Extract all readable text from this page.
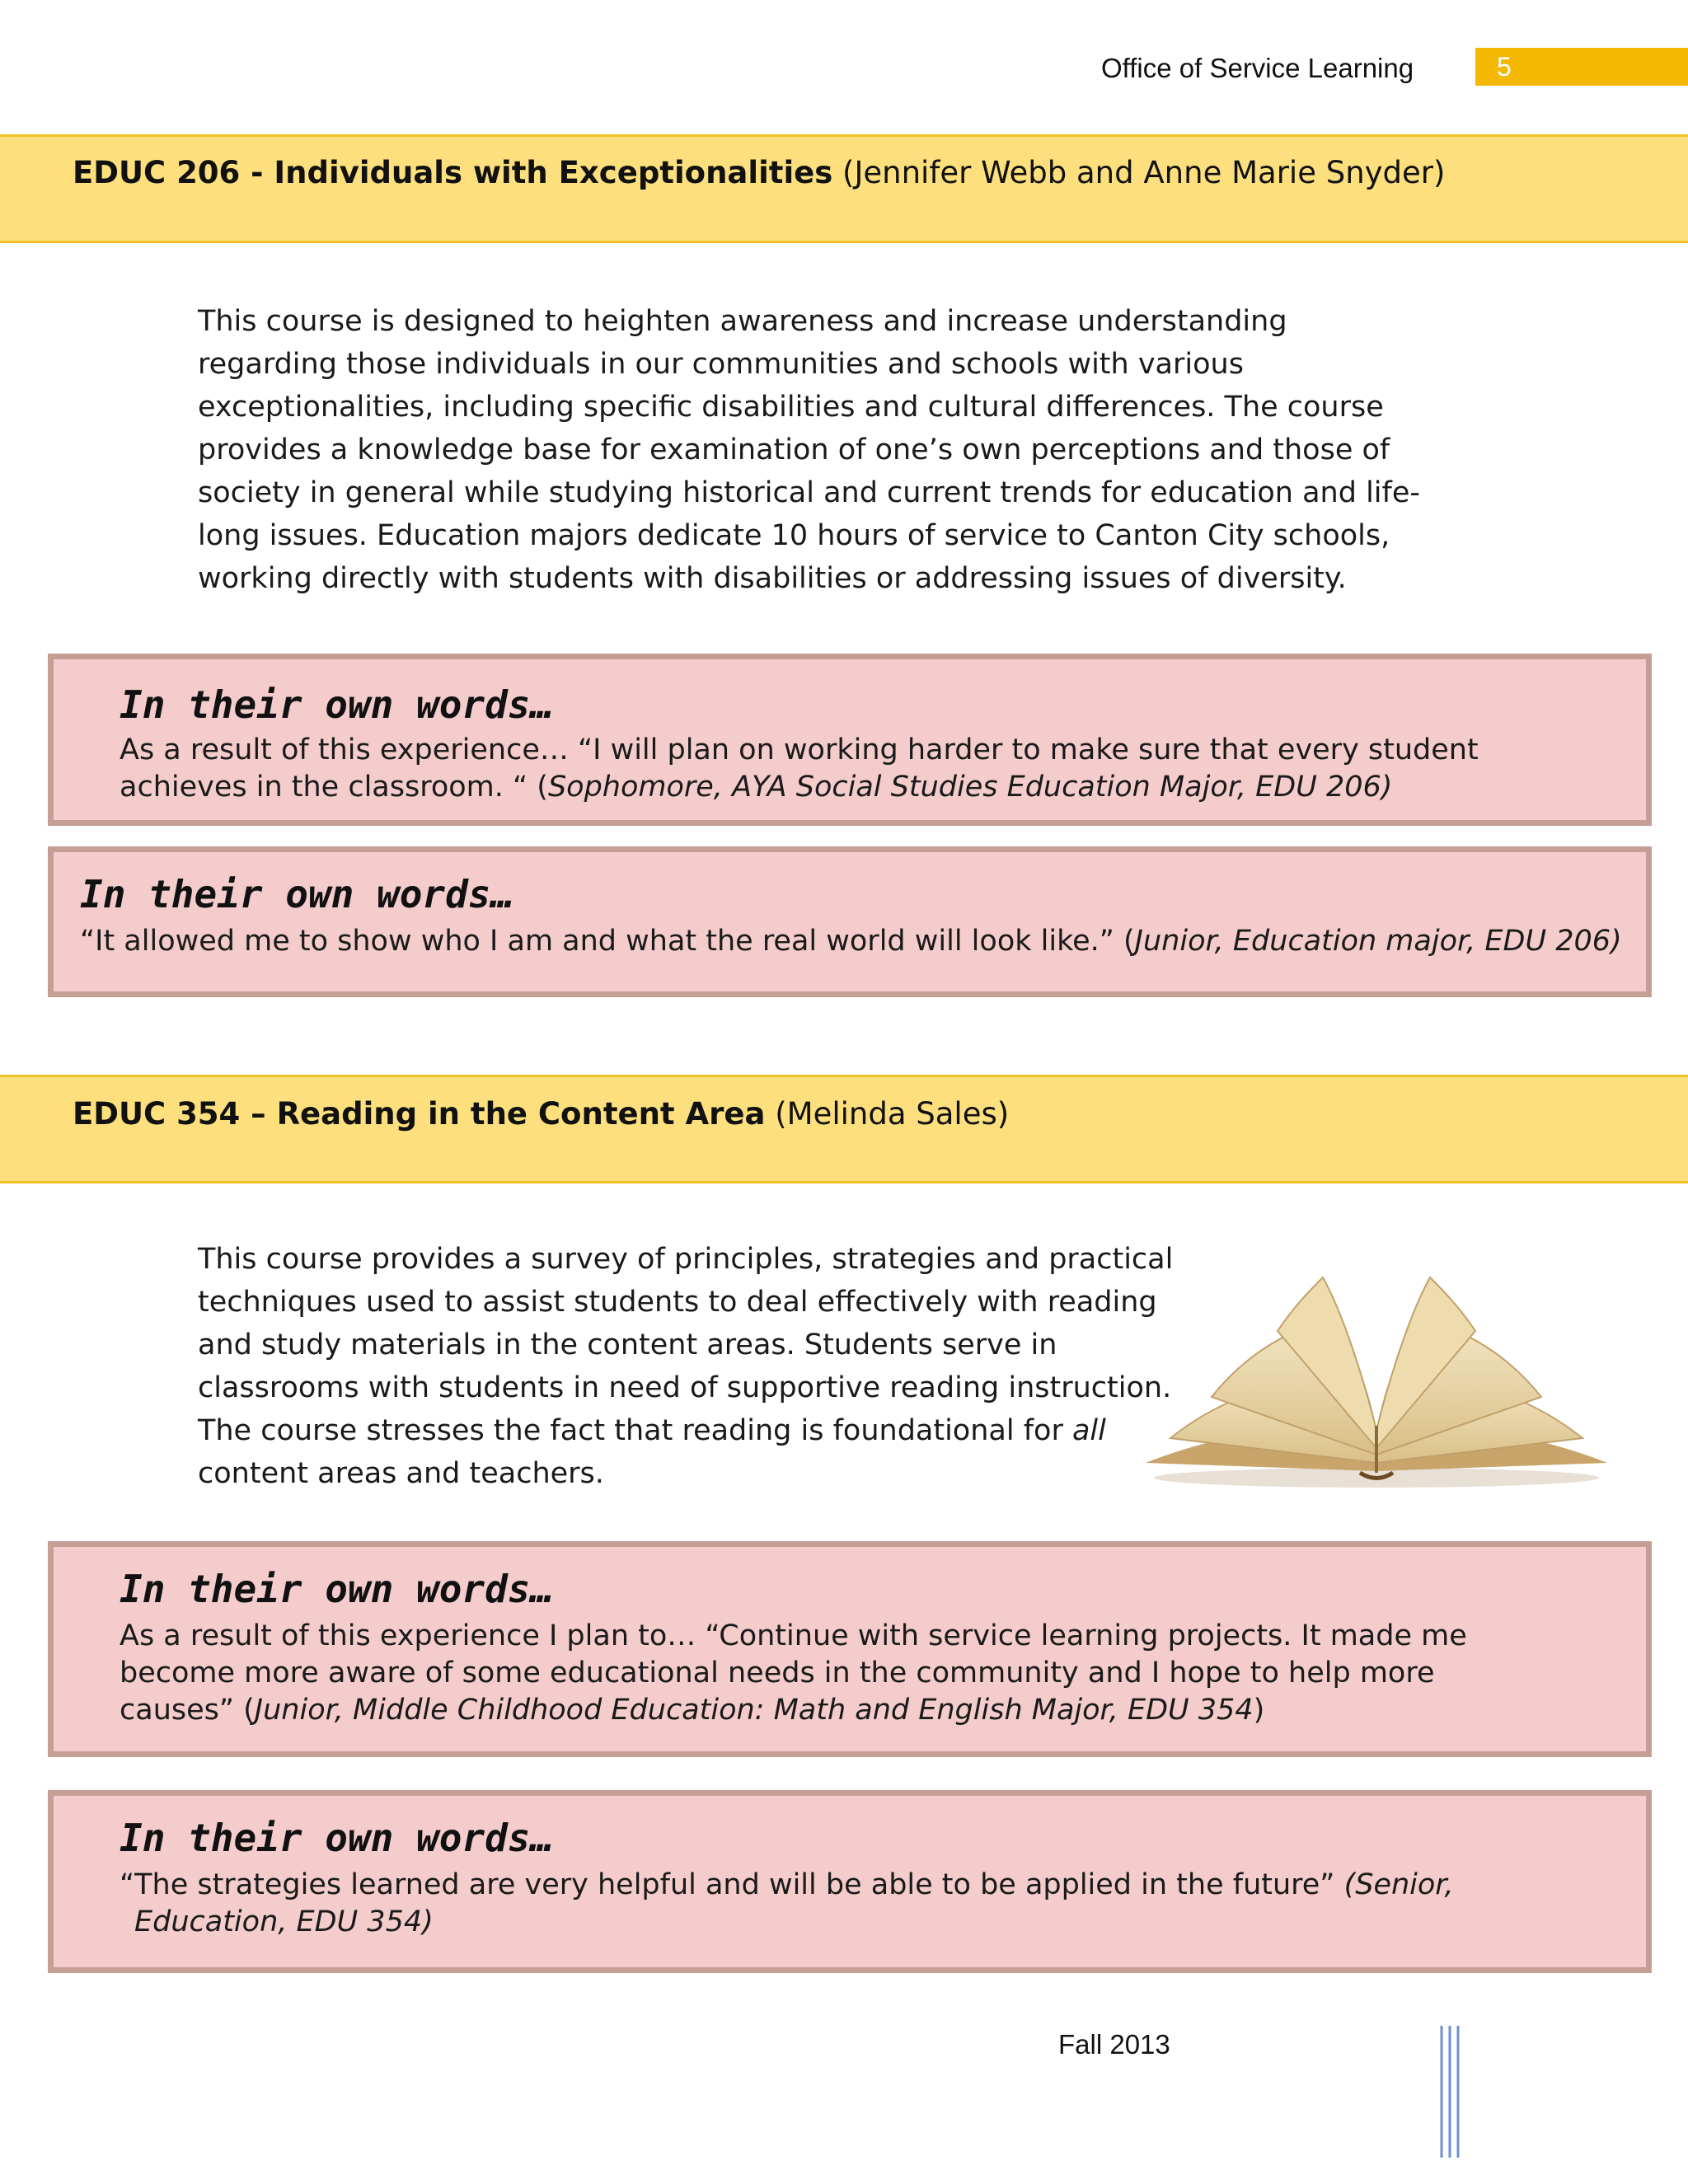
Office of Service Learning	5
EDUC 206 - Individuals with Exceptionalities (Jennifer Webb and Anne Marie Snyder)
This course is designed to heighten awareness and increase understanding
regarding those individuals in our communities and schools with various
exceptionalities, including specific disabilities and cultural differences. The course
provides a knowledge base for examination of one’s own perceptions and those of
society in general while studying historical and current trends for education and life-
long issues. Education majors dedicate 10 hours of service to Canton City schools,
working directly with students with disabilities or addressing issues of diversity.
In their own words…
As a result of this experience… “I will plan on working harder to make sure that every student
achieves in the classroom. “ (Sophomore, AYA Social Studies Education Major, EDU 206)
In their own words…
“It allowed me to show who I am and what the real world will look like.” (Junior, Education major, EDU 206)
EDUC 354 – Reading in the Content Area (Melinda Sales)
This course provides a survey of principles, strategies and practical
techniques used to assist students to deal effectively with reading
and study materials in the content areas. Students serve in
classrooms with students in need of supportive reading instruction.
The course stresses the fact that reading is foundational for all
content areas and teachers.
In their own words…
As a result of this experience I plan to… “Continue with service learning projects. It made me
become more aware of some educational needs in the community and I hope to help more
causes” (Junior, Middle Childhood Education: Math and English Major, EDU 354)
In their own words…
“The strategies learned are very helpful and will be able to be applied in the future” (Senior,
Education, EDU 354)
Fall 2013
